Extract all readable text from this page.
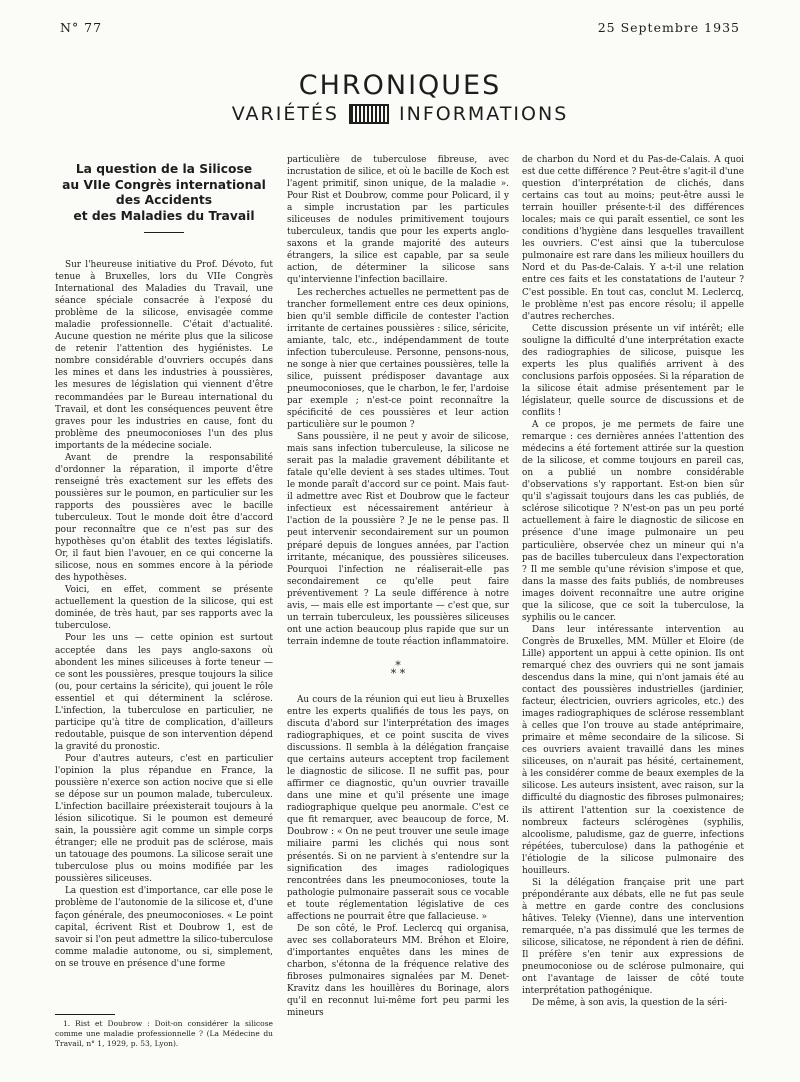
N° 77	25 Septembre 1935
CHRONIQUES
VARIÉTÉS	INFORMATIONS
La question de la Silicose
au VIIe Congrès international
des Accidents
et des Maladies du Travail

Sur l'heureuse initiative du Prof. Dévoto, fut tenue à Bruxelles, lors du VIIe Congrès International des Maladies du Travail, une séance spéciale consacrée à l'exposé du problème de la silicose, envisagée comme maladie professionnelle. C'était d'actualité. Aucune question ne mérite plus que la silicose de retenir l'attention des hygiénistes. Le nombre considérable d'ouvriers occupés dans les mines et dans les industries à poussières, les mesures de législation qui viennent d'être recommandées par le Bureau international du Travail, et dont les conséquences peuvent être graves pour les industries en cause, font du problème des pneumoconioses l'un des plus importants de la médecine sociale.

Avant de prendre la responsabilité d'ordonner la réparation, il importe d'être renseigné très exactement sur les effets des poussières sur le poumon, en particulier sur les rapports des poussières avec le bacille tuberculeux. Tout le monde doit être d'accord pour reconnaître que ce n'est pas sur des hypothèses qu'on établit des textes législatifs. Or, il faut bien l'avouer, en ce qui concerne la silicose, nous en sommes encore à la période des hypothèses.

Voici, en effet, comment se présente actuellement la question de la silicose, qui est dominée, de très haut, par ses rapports avec la tuberculose.

Pour les uns — cette opinion est surtout acceptée dans les pays anglo-saxons où abondent les mines siliceuses à forte teneur — ce sont les poussières, presque toujours la silice (ou, pour certains la séricite), qui jouent le rôle essentiel et qui déterminent la sclérose. L'infection, la tuberculose en particulier, ne participe qu'à titre de complication, d'ailleurs redoutable, puisque de son intervention dépend la gravité du pronostic.

Pour d'autres auteurs, c'est en particulier l'opinion la plus répandue en France, la poussière n'exerce son action nocive que si elle se dépose sur un poumon malade, tuberculeux. L'infection bacillaire préexisterait toujours à la lésion silicotique. Si le poumon est demeuré sain, la poussière agit comme un simple corps étranger; elle ne produit pas de sclérose, mais un tatouage des poumons. La silicose serait une tuberculose plus ou moins modifiée par les poussières siliceuses.

La question est d'importance, car elle pose le problème de l'autonomie de la silicose et, d'une façon générale, des pneumoconioses. « Le point capital, écrivent Rist et Doubrow 1, est de savoir si l'on peut admettre la silico-tuberculose comme maladie autonome, ou si, simplement, on se trouve en présence d'une forme

particulière de tuberculose fibreuse, avec incrustation de silice, et où le bacille de Koch est l'agent primitif, sinon unique, de la maladie ». Pour Rist et Doubrow, comme pour Policard, il y a simple incrustation par les particules siliceuses de nodules primitivement toujours tuberculeux, tandis que pour les experts anglo-saxons et la grande majorité des auteurs étrangers, la silice est capable, par sa seule action, de déterminer la silicose sans qu'intervienne l'infection bacillaire.

Les recherches actuelles ne permettent pas de trancher formellement entre ces deux opinions, bien qu'il semble difficile de contester l'action irritante de certaines poussières : silice, séricite, amiante, talc, etc., indépendamment de toute infection tuberculeuse. Personne, pensons-nous, ne songe à nier que certaines poussières, telle la silice, puissent prédisposer davantage aux pneumoconioses, que le charbon, le fer, l'ardoise par exemple ; n'est-ce point reconnaître la spécificité de ces poussières et leur action particulière sur le poumon ?

Sans poussière, il ne peut y avoir de silicose, mais sans infection tuberculeuse, la silicose ne serait pas la maladie gravement débilitante et fatale qu'elle devient à ses stades ultimes. Tout le monde paraît d'accord sur ce point. Mais faut-il admettre avec Rist et Doubrow que le facteur infectieux est nécessairement antérieur à l'action de la poussière ? Je ne le pense pas. Il peut intervenir secondairement sur un poumon préparé depuis de longues années, par l'action irritante, mécanique, des poussières siliceuses. Pourquoi l'infection ne réaliserait-elle pas secondairement ce qu'elle peut faire préventivement ? La seule différence à notre avis, — mais elle est importante — c'est que, sur un terrain tuberculeux, les poussières siliceuses ont une action beaucoup plus rapide que sur un terrain indemne de toute réaction inflammatoire.

*
* *

Au cours de la réunion qui eut lieu à Bruxelles entre les experts qualifiés de tous les pays, on discuta d'abord sur l'interprétation des images radiographiques, et ce point suscita de vives discussions. Il sembla à la délégation française que certains auteurs acceptent trop facilement le diagnostic de silicose. Il ne suffit pas, pour affirmer ce diagnostic, qu'un ouvrier travaille dans une mine et qu'il présente une image radiographique quelque peu anormale. C'est ce que fit remarquer, avec beaucoup de force, M. Doubrow : « On ne peut trouver une seule image miliaire parmi les clichés qui nous sont présentés. Si on ne parvient à s'entendre sur la signification des images radiologiques rencontrées dans les pneumoconioses, toute la pathologie pulmonaire passerait sous ce vocable et toute réglementation législative de ces affections ne pourrait être que fallacieuse. »

De son côté, le Prof. Leclercq qui organisa, avec ses collaborateurs MM. Bréhon et Eloire, d'importantes enquêtes dans les mines de charbon, s'étonna de la fréquence relative des fibroses pulmonaires signalées par M. Denet-Kravitz dans les houillères du Borinage, alors qu'il en reconnut lui-même fort peu parmi les mineurs

de charbon du Nord et du Pas-de-Calais. A quoi est due cette différence ? Peut-être s'agit-il d'une question d'interprétation de clichés, dans certains cas tout au moins; peut-être aussi le terrain houiller présente-t-il des différences locales; mais ce qui paraît essentiel, ce sont les conditions d'hygiène dans lesquelles travaillent les ouvriers. C'est ainsi que la tuberculose pulmonaire est rare dans les milieux houillers du Nord et du Pas-de-Calais. Y a-t-il une relation entre ces faits et les constatations de l'auteur ? C'est possible. En tout cas, conclut M. Leclercq, le problème n'est pas encore résolu; il appelle d'autres recherches.

Cette discussion présente un vif intérêt; elle souligne la difficulté d'une interprétation exacte des radiographies de silicose, puisque les experts les plus qualifiés arrivent à des conclusions parfois opposées. Si la réparation de la silicose était admise présentement par le législateur, quelle source de discussions et de conflits !

A ce propos, je me permets de faire une remarque : ces dernières années l'attention des médecins a été fortement attirée sur la question de la silicose, et comme toujours en pareil cas, on a publié un nombre considérable d'observations s'y rapportant. Est-on bien sûr qu'il s'agissait toujours dans les cas publiés, de sclérose silicotique ? N'est-on pas un peu porté actuellement à faire le diagnostic de silicose en présence d'une image pulmonaire un peu particulière, observée chez un mineur qui n'a pas de bacilles tuberculeux dans l'expectoration ? Il me semble qu'une révision s'impose et que, dans la masse des faits publiés, de nombreuses images doivent reconnaître une autre origine que la silicose, que ce soit la tuberculose, la syphilis ou le cancer.

Dans leur intéressante intervention au Congrès de Bruxelles, MM. Müller et Eloire (de Lille) apportent un appui à cette opinion. Ils ont remarqué chez des ouvriers qui ne sont jamais descendus dans la mine, qui n'ont jamais été au contact des poussières industrielles (jardinier, facteur, électricien, ouvriers agricoles, etc.) des images radiographiques de sclérose ressemblant à celles que l'on trouve au stade antéprimaire, primaire et même secondaire de la silicose. Si ces ouvriers avaient travaillé dans les mines siliceuses, on n'aurait pas hésité, certainement, à les considérer comme de beaux exemples de la silicose. Les auteurs insistent, avec raison, sur la difficulté du diagnostic des fibroses pulmonaires; ils attirent l'attention sur la coexistence de nombreux facteurs sclérogènes (syphilis, alcoolisme, paludisme, gaz de guerre, infections répétées, tuberculose) dans la pathogénie et l'étiologie de la silicose pulmonaire des houilleurs.

Si la délégation française prit une part prépondérante aux débats, elle ne fut pas seule à mettre en garde contre des conclusions hâtives. Teleky (Vienne), dans une intervention remarquée, n'a pas dissimulé que les termes de silicose, silicatose, ne répondent à rien de défini. Il préfère s'en tenir aux expressions de pneumoconiose ou de sclérose pulmonaire, qui ont l'avantage de laisser de côté toute interprétation pathogénique.

De même, à son avis, la question de la séri-

1. Rist et Doubrow : Doit-on considérer la silicose comme une maladie professionnelle ? (La Médecine du Travail, n° 1, 1929, p. 53, Lyon).
